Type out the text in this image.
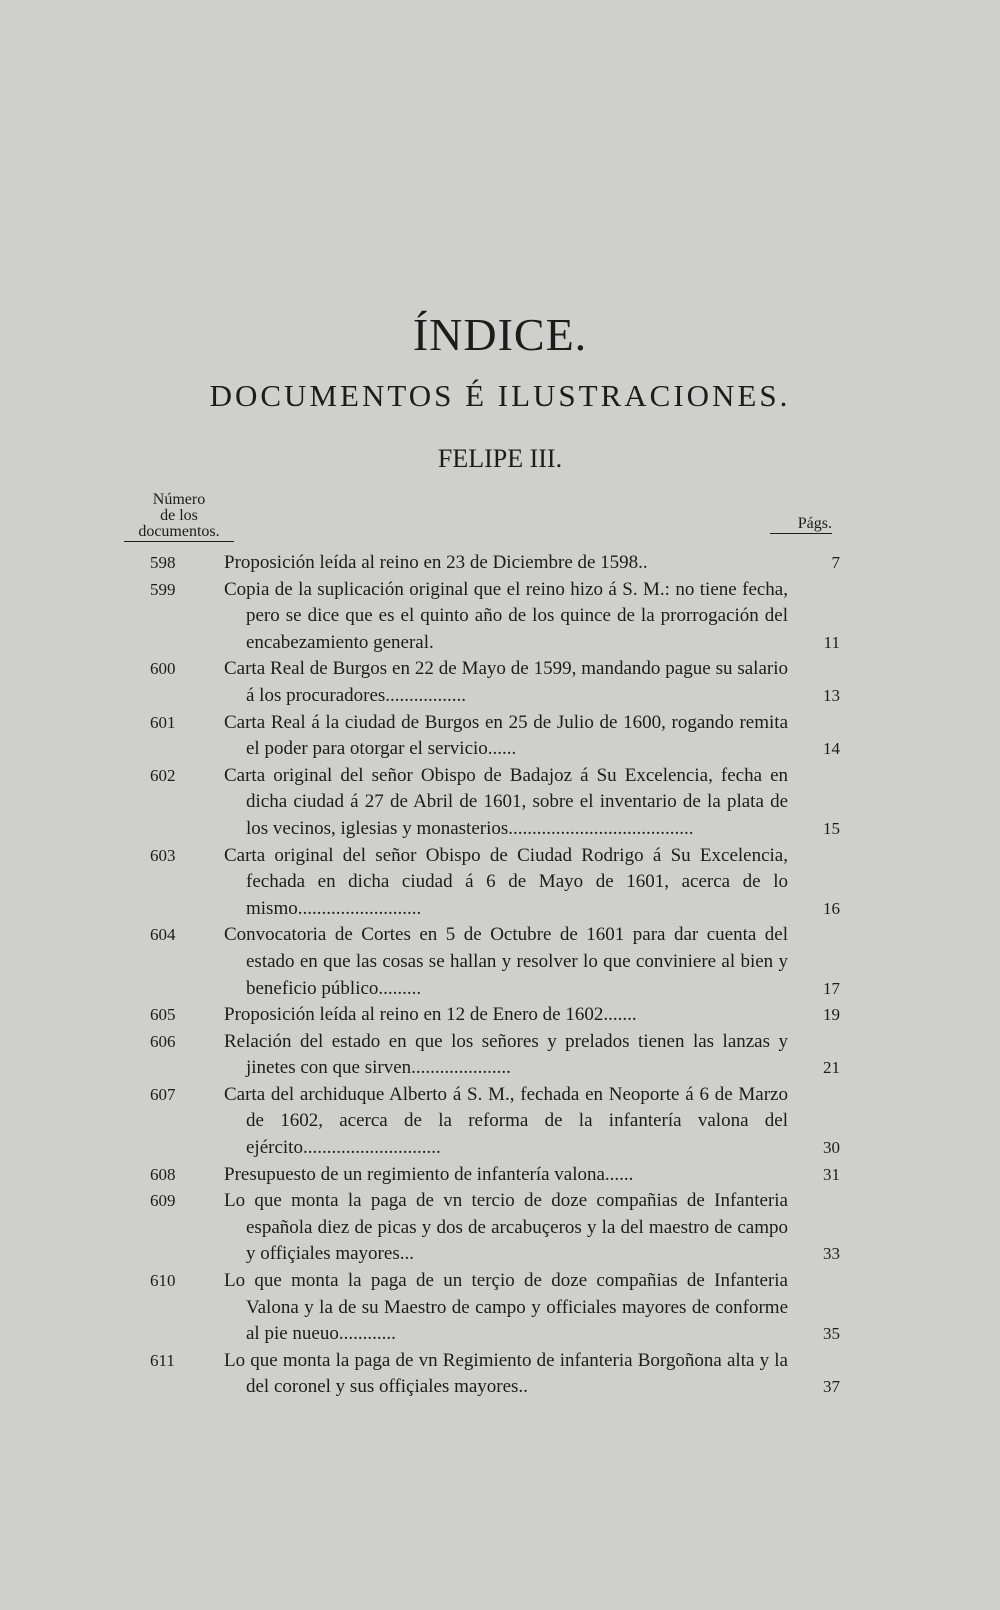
ÍNDICE.
DOCUMENTOS É ILUSTRACIONES.
FELIPE III.
Número
de los
documentos.	Págs.
598	Proposición leída al reino en 23 de Diciembre de 1598..	7
599	Copia de la suplicación original que el reino hizo á S. M.: no tiene fecha, pero se dice que es el quinto año de los quince de la prorrogación del encabezamiento general.	11
600	Carta Real de Burgos en 22 de Mayo de 1599, mandando pague su salario á los procuradores.................	13
601	Carta Real á la ciudad de Burgos en 25 de Julio de 1600, rogando remita el poder para otorgar el servicio......	14
602	Carta original del señor Obispo de Badajoz á Su Excelencia, fecha en dicha ciudad á 27 de Abril de 1601, sobre el inventario de la plata de los vecinos, iglesias y monasterios.......................................	15
603	Carta original del señor Obispo de Ciudad Rodrigo á Su Excelencia, fechada en dicha ciudad á 6 de Mayo de 1601, acerca de lo mismo..........................	16
604	Convocatoria de Cortes en 5 de Octubre de 1601 para dar cuenta del estado en que las cosas se hallan y resolver lo que conviniere al bien y beneficio público.........	17
605	Proposición leída al reino en 12 de Enero de 1602.......	19
606	Relación del estado en que los señores y prelados tienen las lanzas y jinetes con que sirven.....................	21
607	Carta del archiduque Alberto á S. M., fechada en Neoporte á 6 de Marzo de 1602, acerca de la reforma de la infantería valona del ejército.............................	30
608	Presupuesto de un regimiento de infantería valona......	31
609	Lo que monta la paga de vn tercio de doze compañias de Infanteria española diez de picas y dos de arcabuçeros y la del maestro de campo y offiçiales mayores...	33
610	Lo que monta la paga de un terçio de doze compañias de Infanteria Valona y la de su Maestro de campo y officiales mayores de conforme al pie nueuo............	35
611	Lo que monta la paga de vn Regimiento de infanteria Borgoñona alta y la del coronel y sus offiçiales mayores..	37
